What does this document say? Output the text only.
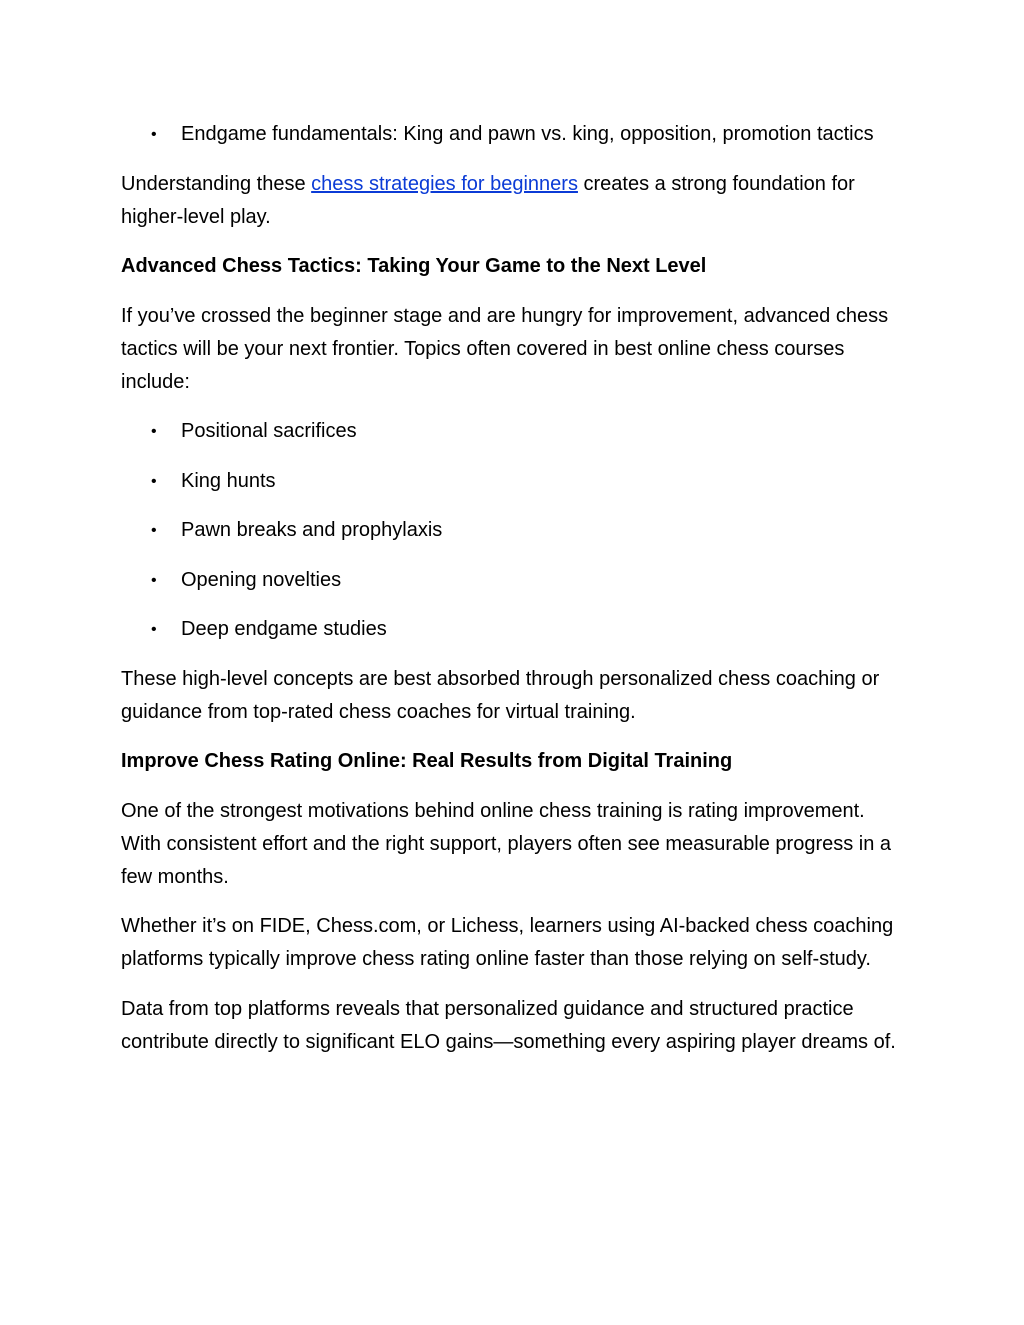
• Endgame fundamentals: King and pawn vs. king, opposition, promotion tactics

Understanding these chess strategies for beginners creates a strong foundation for higher-level play.

Advanced Chess Tactics: Taking Your Game to the Next Level

If you’ve crossed the beginner stage and are hungry for improvement, advanced chess tactics will be your next frontier. Topics often covered in best online chess courses include:

• Positional sacrifices
• King hunts
• Pawn breaks and prophylaxis
• Opening novelties
• Deep endgame studies

These high-level concepts are best absorbed through personalized chess coaching or guidance from top-rated chess coaches for virtual training.

Improve Chess Rating Online: Real Results from Digital Training

One of the strongest motivations behind online chess training is rating improvement. With consistent effort and the right support, players often see measurable progress in a few months.

Whether it’s on FIDE, Chess.com, or Lichess, learners using AI-backed chess coaching platforms typically improve chess rating online faster than those relying on self-study.

Data from top platforms reveals that personalized guidance and structured practice contribute directly to significant ELO gains—something every aspiring player dreams of.
